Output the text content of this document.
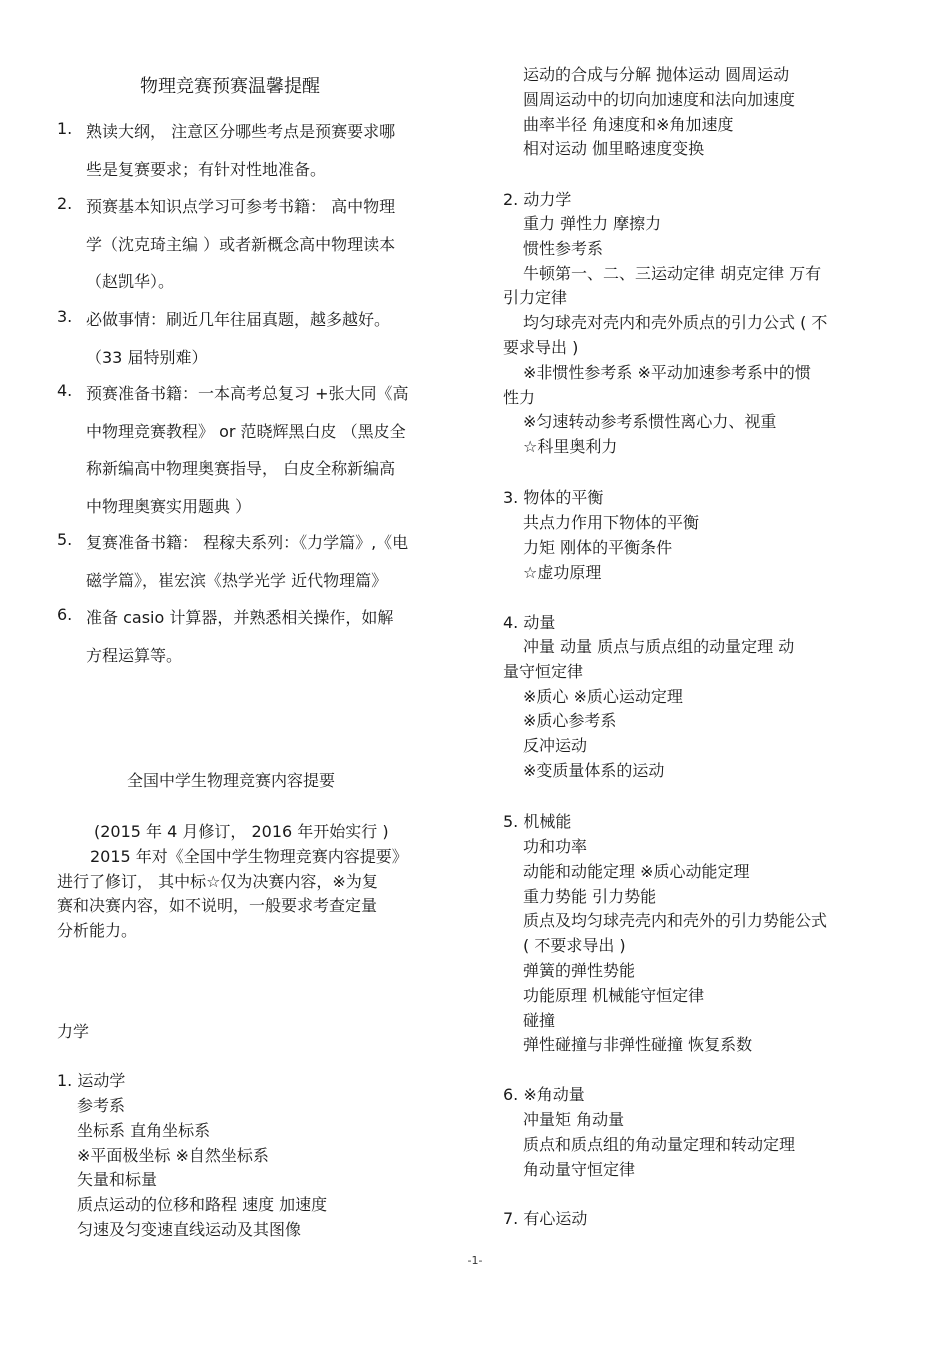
物理竞赛预赛温馨提醒
1. 熟读大纲， 注意区分哪些考点是预赛要求哪
些是复赛要求；有针对性地准备。
2. 预赛基本知识点学习可参考书籍： 高中物理
学（沈克琦主编 ）或者新概念高中物理读本
（赵凯华）。
3. 必做事情：刷近几年往届真题，越多越好。
（33 届特别难）
4. 预赛准备书籍：一本高考总复习 +张大同《高
中物理竞赛教程》 or 范晓辉黑白皮 （黑皮全
称新编高中物理奥赛指导， 白皮全称新编高
中物理奥赛实用题典 ）
5. 复赛准备书籍： 程稼夫系列：《力学篇》,《电
磁学篇》，崔宏滨《热学光学 近代物理篇》
6. 准备 casio 计算器，并熟悉相关操作，如解
方程运算等。
全国中学生物理竞赛内容提要
(2015 年 4 月修订， 2016 年开始实行 )
2015 年对《全国中学生物理竞赛内容提要》
进行了修订， 其中标☆仅为决赛内容，※为复
赛和决赛内容，如不说明，一般要求考查定量
分析能力。
力学
1. 运动学
参考系
坐标系 直角坐标系
※平面极坐标 ※自然坐标系
矢量和标量
质点运动的位移和路程 速度 加速度
匀速及匀变速直线运动及其图像
运动的合成与分解 抛体运动 圆周运动
圆周运动中的切向加速度和法向加速度
曲率半径 角速度和※角加速度
相对运动 伽里略速度变换
2. 动力学
重力 弹性力 摩擦力
惯性参考系
牛顿第一、二、三运动定律 胡克定律 万有
引力定律
均匀球壳对壳内和壳外质点的引力公式 ( 不
要求导出 )
※非惯性参考系 ※平动加速参考系中的惯
性力
※匀速转动参考系惯性离心力、视重
☆科里奥利力
3. 物体的平衡
共点力作用下物体的平衡
力矩 刚体的平衡条件
☆虚功原理
4. 动量
冲量 动量 质点与质点组的动量定理 动
量守恒定律
※质心 ※质心运动定理
※质心参考系
反冲运动
※变质量体系的运动
5. 机械能
功和功率
动能和动能定理 ※质心动能定理
重力势能 引力势能
质点及均匀球壳壳内和壳外的引力势能公式
( 不要求导出 )
弹簧的弹性势能
功能原理 机械能守恒定律
碰撞
弹性碰撞与非弹性碰撞 恢复系数
6. ※角动量
冲量矩 角动量
质点和质点组的角动量定理和转动定理
角动量守恒定律
7. 有心运动
-1-
